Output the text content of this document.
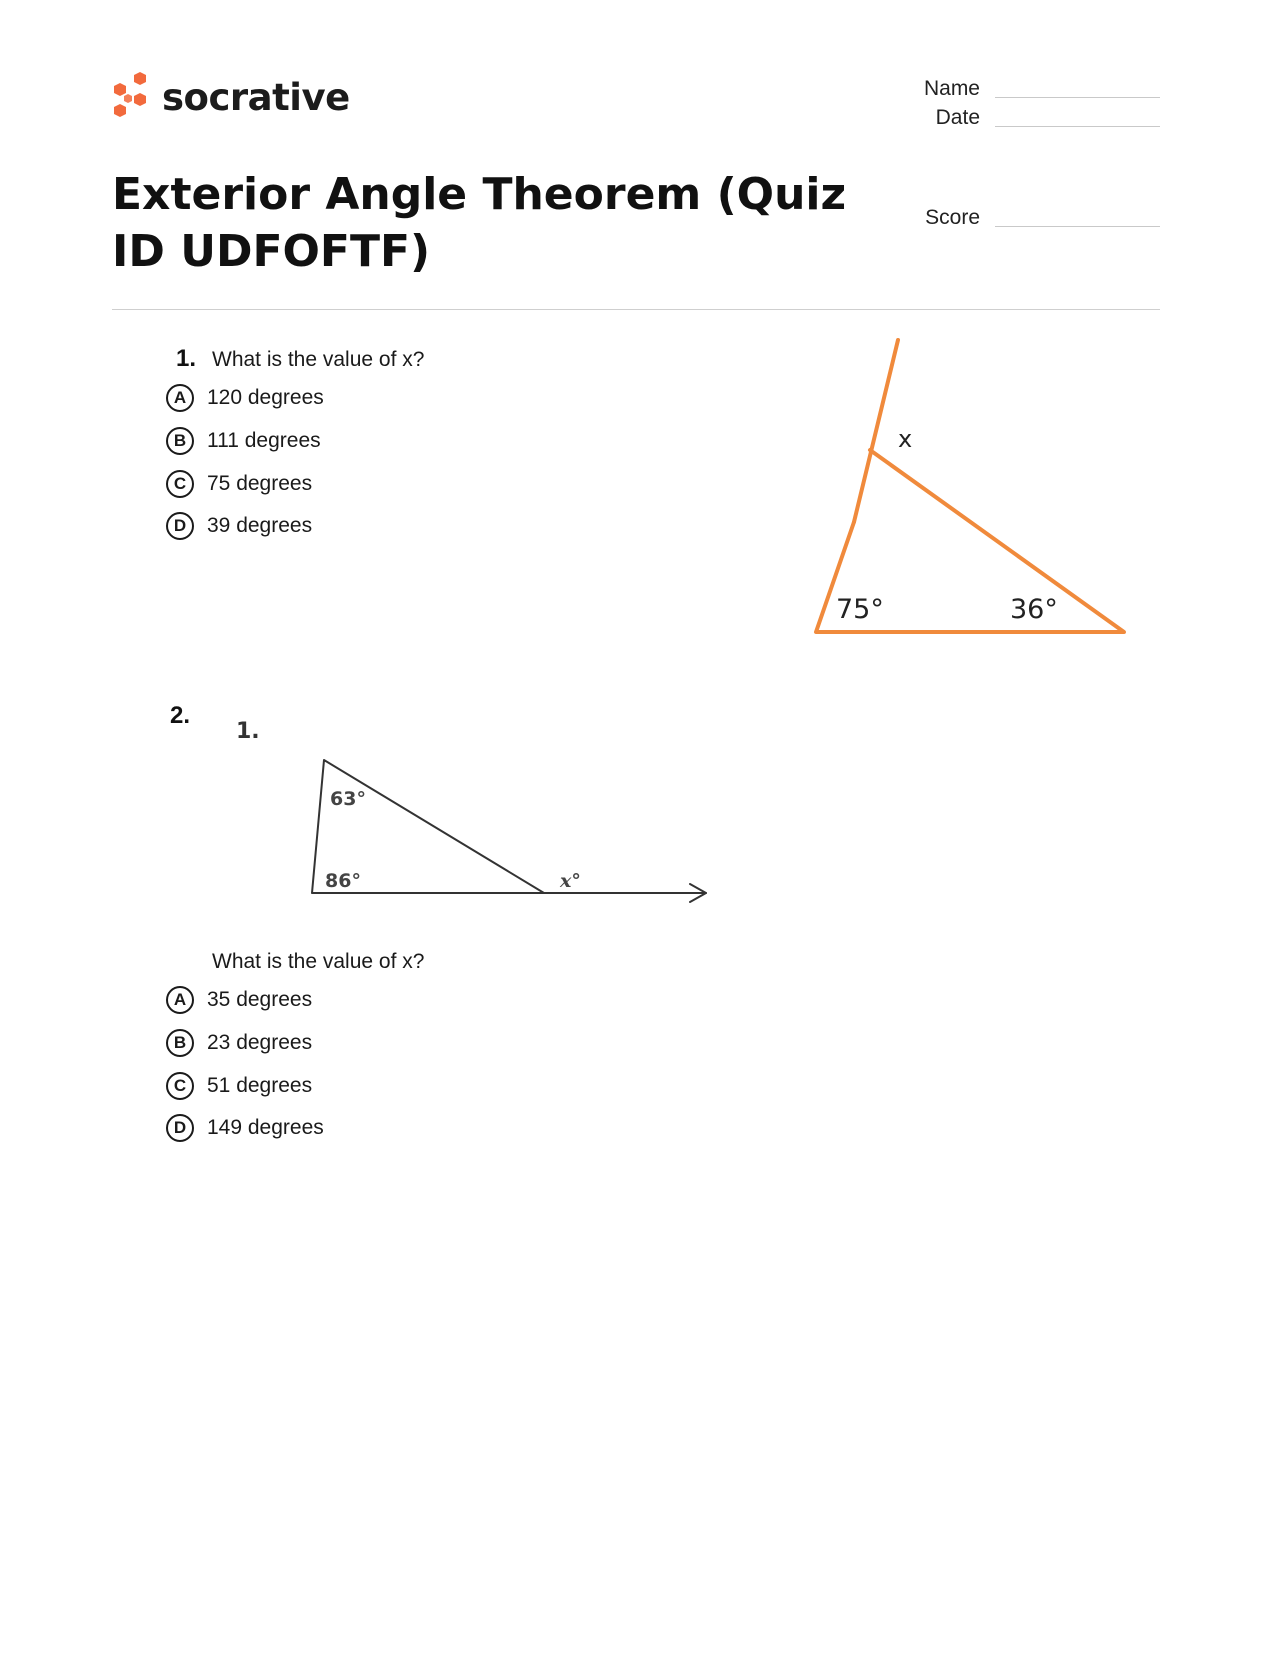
socrative	Name
Date
Score
Exterior Angle Theorem (Quiz ID UDFOFTF)
1. What is the value of x?
A 120 degrees
B 111 degrees
C 75 degrees
D 39 degrees
x
75°	36°
2.
1.
63°
86°	x°
What is the value of x?
A 35 degrees
B 23 degrees
C 51 degrees
D 149 degrees
